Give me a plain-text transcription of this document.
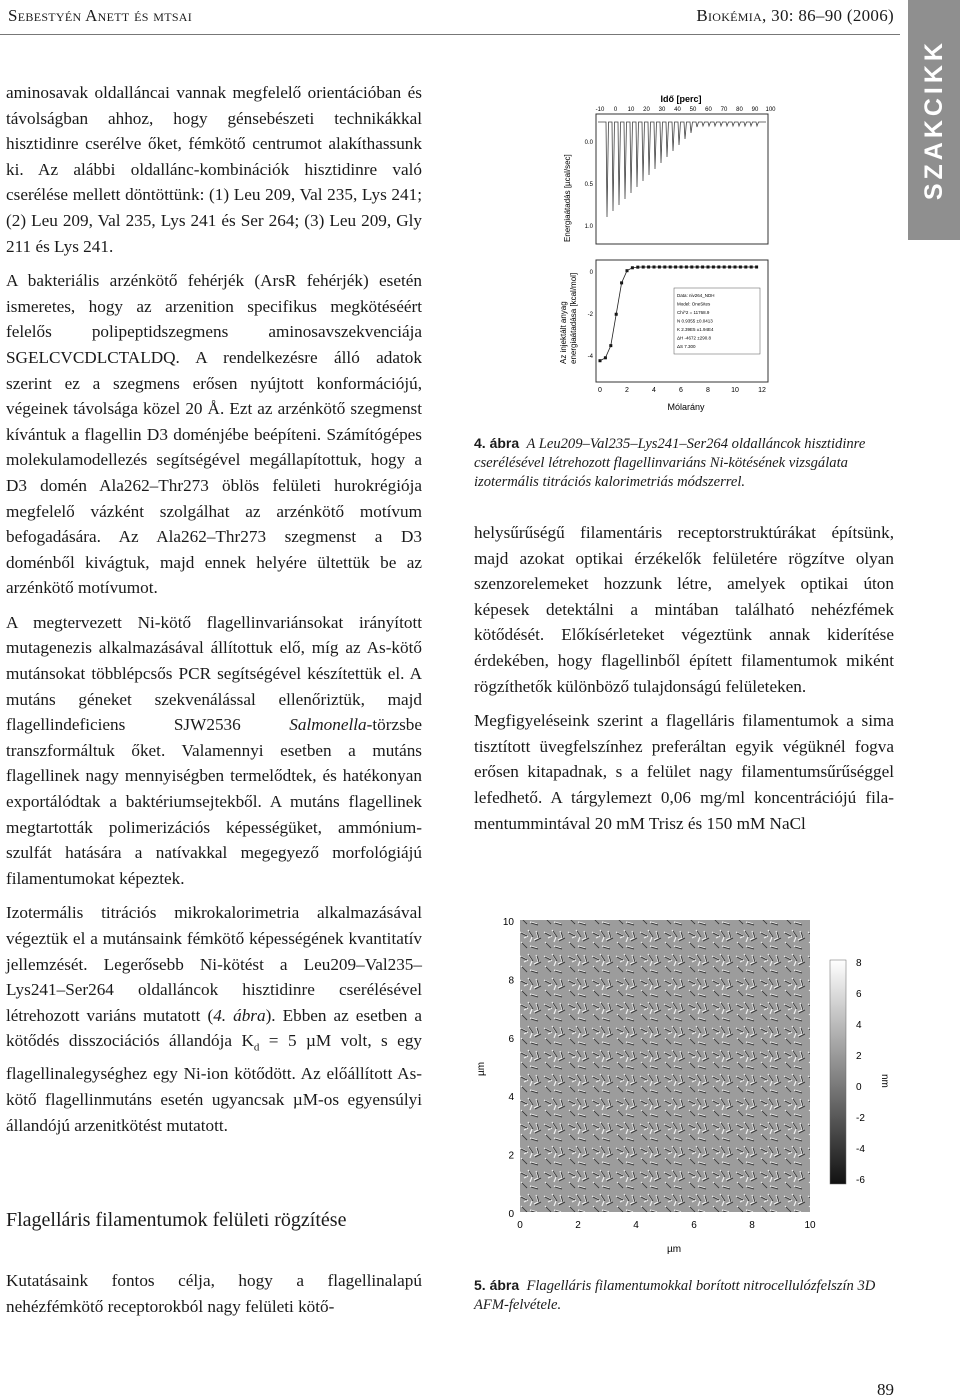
Sebestyén Anett és mtsai	Biokémia, 30: 86–90 (2006)
SZAKCIKK

aminosavak oldalláncai vannak megfelelő orientációban és távolságban ahhoz, hogy génsebészeti technikákkal hisztidinre cserélve őket, fémkötő centrumot alakíthassunk ki. Az alábbi oldallánc-kombinációk hisztidinre való cserélése mellett döntöttünk: (1) Leu 209, Val 235, Lys 241; (2) Leu 209, Val 235, Lys 241 és Ser 264; (3) Leu 209, Gly 211 és Lys 241.

A bakteriális arzénkötő fehérjék (ArsR fehérjék) esetén ismeretes, hogy az arzenition specifikus megkötéséért felelős polipeptidszegmens aminosavszekvenciája SGELCVCDLCTALDQ. A rendelkezésre álló adatok szerint ez a szegmens erősen nyújtott konformációjú, végeinek távolsága közel 20 Å. Ezt az arzénkötő szegmenst kívántuk a flagellin D3 doménjébe beépíteni. Számítógépes molekulamodellezés segítségével megállapítottuk, hogy a D3 domén Ala262–Thr273 öblös felületi hurokrégiója megfelelő vázként szolgálhat az arzénkötő motívum befogadására. Az Ala262–Thr273 szegmenst a D3 doménből kivágtuk, majd ennek helyére ültettük be az arzénkötő motívumot.

A megtervezett Ni-kötő flagellinvariánsokat irányított mutagenezis alkalmazásával állítottuk elő, míg az As-kötő mutánsokat többlépcsős PCR segítségével készítettük el. A mutáns géneket szekvenálással ellenőriztük, majd flagellindeficiens SJW2536 Salmonella-törzsbe transzformáltuk őket. Valamennyi esetben a mutáns flagellinek nagy mennyiségben termelődtek, és hatékonyan exportálódtak a baktériumsejtekből. A mutáns flagellinek megtartották polimerizációs képességüket, ammóniumszulfát hatására a natívakkal megegyező morfológiájú filamentumokat képeztek.

Izotermális titrációs mikrokalorimetria alkalmazásával végeztük el a mutánsaink fémkötő képességének kvantitatív jellemzését. Legerősebb Ni-kötést a Leu209–Val235–Lys241–Ser264 oldalláncok hisztidinre cserélésével létrehozott variáns mutatott (4. ábra). Ebben az esetben a kötődés disszociációs állandója $K_d = 5$ µM volt, s egy flagellinalegységhez egy Ni-ion kötődött. Az előállított As-kötő flagellinmutáns esetén ugyancsak µM-os egyensúlyi állandójú arzenitkötést mutatott.

Flagelláris filamentumok felületi rögzítése

Kutatásaink fontos célja, hogy a flagellinalapú nehézfémkötő receptorokból nagy felületi kötő-

Idő [perc]
-10 0 10 20 30 40 50 60 70 80 90 100
0.0
0.5
1.0
Energiaátadás [µcal/sec]
Data: niv264_NDH
Model: OneSites
Chi^2 = 11768.9
N 0.9355 ±0.0413
K 2.39E5 ±1.94E4
ΔH -4672 ±290.8
ΔS 7.300
0
-2
-4
0	2	4	6	8	10	12
Az injektált anyagenergiaátadása [kcal/mol]
Mólarány
4. ábra A Leu209–Val235–Lys241–Ser264 oldalláncok hisztidinre cserélésével létrehozott flagellinvariáns Ni-kötésének vizsgálata izotermális titrációs kalorimetriás módszerrel.

helysűrűségű filamentáris receptorstruktúrákat építsünk, majd azokat optikai érzékelők felületére rögzítve olyan szenzorelemeket hozzunk létre, amelyek optikai úton képesek detektálni a mintában található nehézfémek kötődését. Előkísérleteket végeztünk annak kiderítése érdekében, hogy flagellinből épített filamentumok miként rögzíthetők különböző tulajdonságú felületeken.

Megfigyeléseink szerint a flagelláris filamentumok a sima tisztított üvegfelszínhez preferáltan egyik végüknél fogva erősen kitapadnak, s a felület nagy filamentumsűrűséggel lefedhető. A tárgylemezt 0,06 mg/ml koncentrációjú filamentummintával 20 mM Trisz és 150 mM NaCl

0
2
4
6
8
10
0	2	4	6	8	10
µm
µm
8
6
4
2
0
-2
-4
-6
nm
5. ábra Flagelláris filamentumokkal borított nitrocellulózfelszín 3D AFM-felvétele.
89
